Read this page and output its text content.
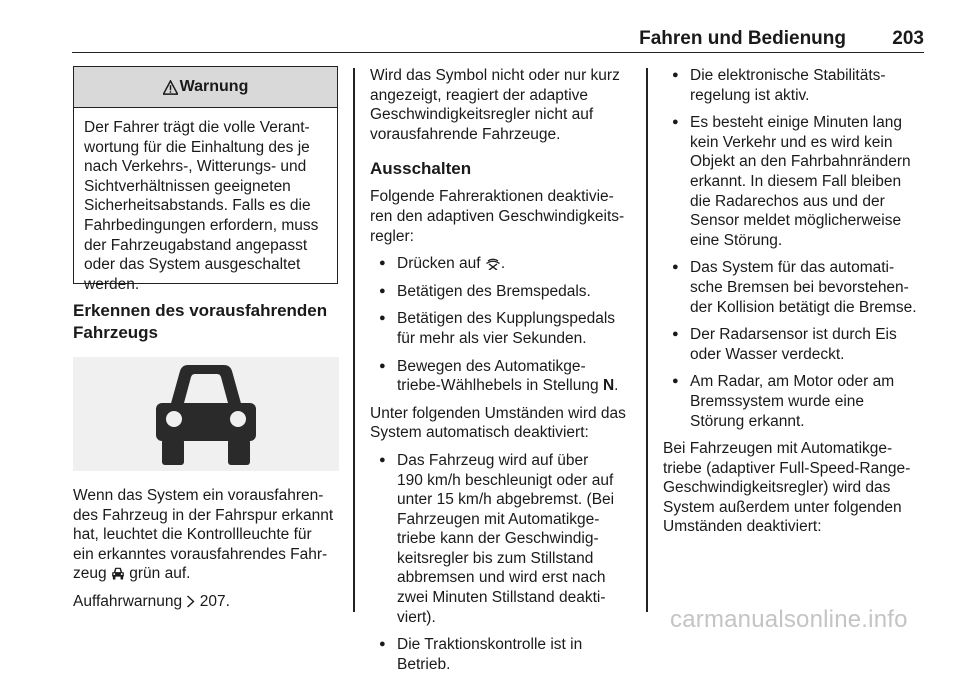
Fahren und Bedienung 203
Warnung
Der Fahrer trägt die volle Verant-
wortung für die Einhaltung des je
nach Verkehrs-, Witterungs- und
Sichtverhältnissen geeigneten
Sicherheitsabstands. Falls es die
Fahrbedingungen erfordern, muss
der Fahrzeugabstand angepasst
oder das System ausgeschaltet
werden.
Erkennen des vorausfahrenden
Fahrzeugs
Wenn das System ein vorausfahren-
des Fahrzeug in der Fahrspur erkannt
hat, leuchtet die Kontrollleuchte für
ein erkanntes vorausfahrendes Fahr-
zeug grün auf.
Auffahrwarnung 207.
Wird das Symbol nicht oder nur kurz
angezeigt, reagiert der adaptive
Geschwindigkeitsregler nicht auf
vorausfahrende Fahrzeuge.
Ausschalten
Folgende Fahreraktionen deaktivie-
ren den adaptiven Geschwindigkeits-
regler:
● Drücken auf .
● Betätigen des Bremspedals.
● Betätigen des Kupplungspedals
für mehr als vier Sekunden.
● Bewegen des Automatikge-
triebe-Wählhebels in Stellung N.
Unter folgenden Umständen wird das
System automatisch deaktiviert:
● Das Fahrzeug wird auf über
190 km/h beschleunigt oder auf
unter 15 km/h abgebremst. (Bei
Fahrzeugen mit Automatikge-
triebe kann der Geschwindig-
keitsregler bis zum Stillstand
abbremsen und wird erst nach
zwei Minuten Stillstand deakti-
viert).
● Die Traktionskontrolle ist in
Betrieb.
● Die elektronische Stabilitäts-
regelung ist aktiv.
● Es besteht einige Minuten lang
kein Verkehr und es wird kein
Objekt an den Fahrbahnrändern
erkannt. In diesem Fall bleiben
die Radarechos aus und der
Sensor meldet möglicherweise
eine Störung.
● Das System für das automati-
sche Bremsen bei bevorstehen-
der Kollision betätigt die Bremse.
● Der Radarsensor ist durch Eis
oder Wasser verdeckt.
● Am Radar, am Motor oder am
Bremssystem wurde eine
Störung erkannt.
Bei Fahrzeugen mit Automatikge-
triebe (adaptiver Full-Speed-Range-
Geschwindigkeitsregler) wird das
System außerdem unter folgenden
Umständen deaktiviert:
carmanualsonline.info
